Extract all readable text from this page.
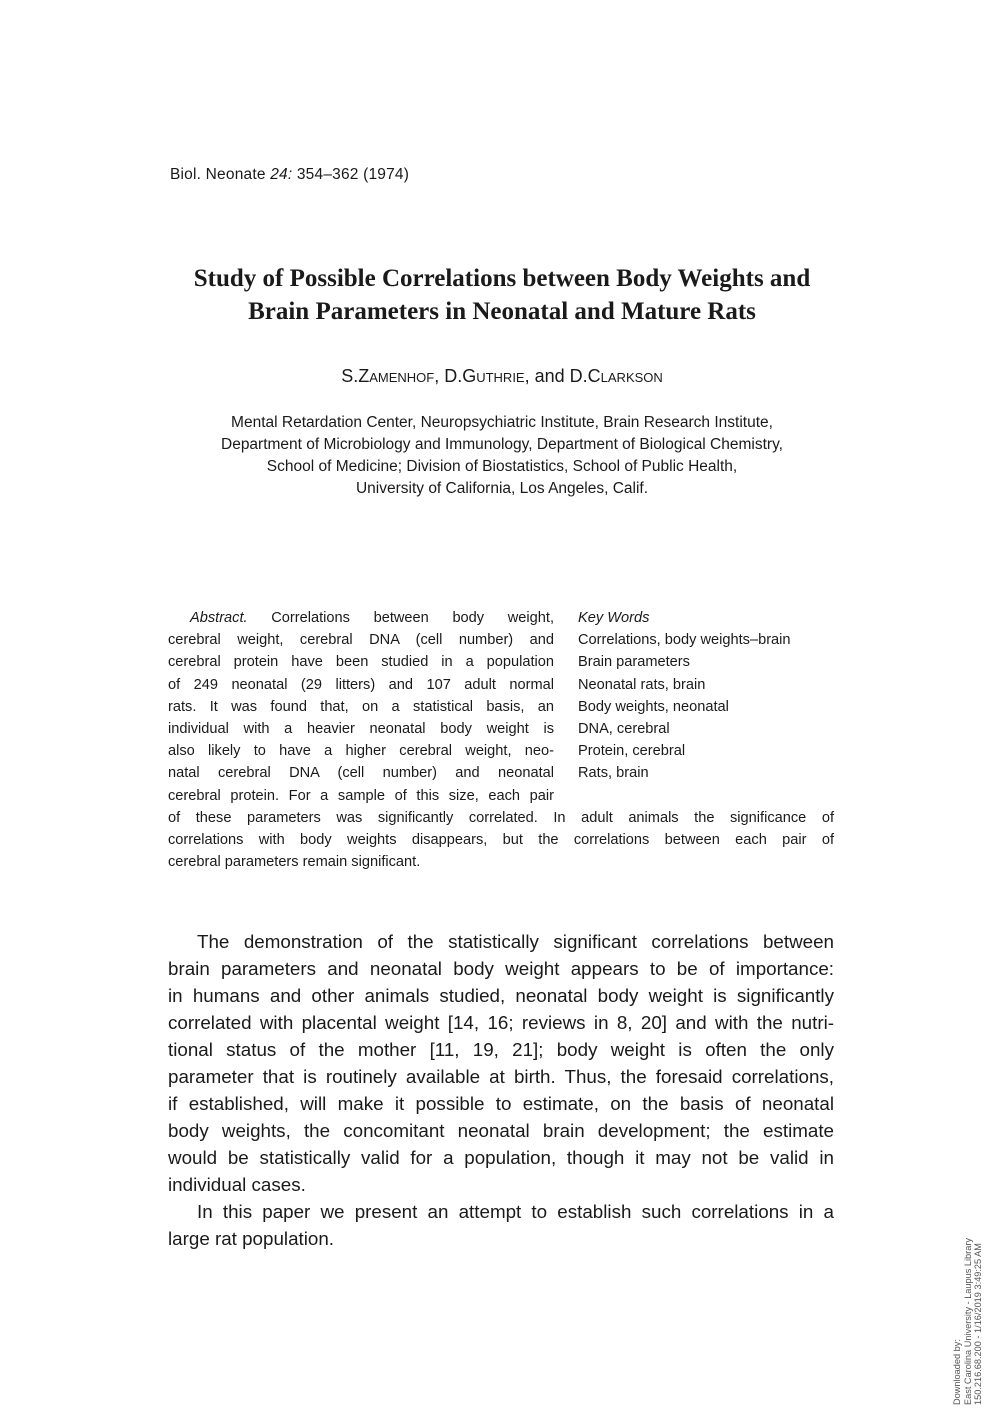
Biol. Neonate 24: 354–362 (1974)
Study of Possible Correlations between Body Weights and
Brain Parameters in Neonatal and Mature Rats
S.Zamenhof, D.Guthrie, and D.Clarkson
Mental Retardation Center, Neuropsychiatric Institute, Brain Research Institute,
Department of Microbiology and Immunology, Department of Biological Chemistry,
School of Medicine; Division of Biostatistics, School of Public Health,
University of California, Los Angeles, Calif.
Abstract. Correlations between body weight,
cerebral weight, cerebral DNA (cell number) and
cerebral protein have been studied in a population
of 249 neonatal (29 litters) and 107 adult normal
rats. It was found that, on a statistical basis, an
individual with a heavier neonatal body weight is
also likely to have a higher cerebral weight, neo-
natal cerebral DNA (cell number) and neonatal
cerebral protein. For a sample of this size, each pair
Key Words
Correlations, body weights–brain
Brain parameters
Neonatal rats, brain
Body weights, neonatal
DNA, cerebral
Protein, cerebral
Rats, brain
of these parameters was significantly correlated. In adult animals the significance of
correlations with body weights disappears, but the correlations between each pair of
cerebral parameters remain significant.

The demonstration of the statistically significant correlations between
brain parameters and neonatal body weight appears to be of importance:
in humans and other animals studied, neonatal body weight is significantly
correlated with placental weight [14, 16; reviews in 8, 20] and with the nutri-
tional status of the mother [11, 19, 21]; body weight is often the only
parameter that is routinely available at birth. Thus, the foresaid correlations,
if established, will make it possible to estimate, on the basis of neonatal
body weights, the concomitant neonatal brain development; the estimate
would be statistically valid for a population, though it may not be valid in
individual cases.

In this paper we present an attempt to establish such correlations in a
large rat population.

Downloaded by: East Carolina University - Laupus Library 150.216.68.200 - 1/16/2019 3:49:25 AM
